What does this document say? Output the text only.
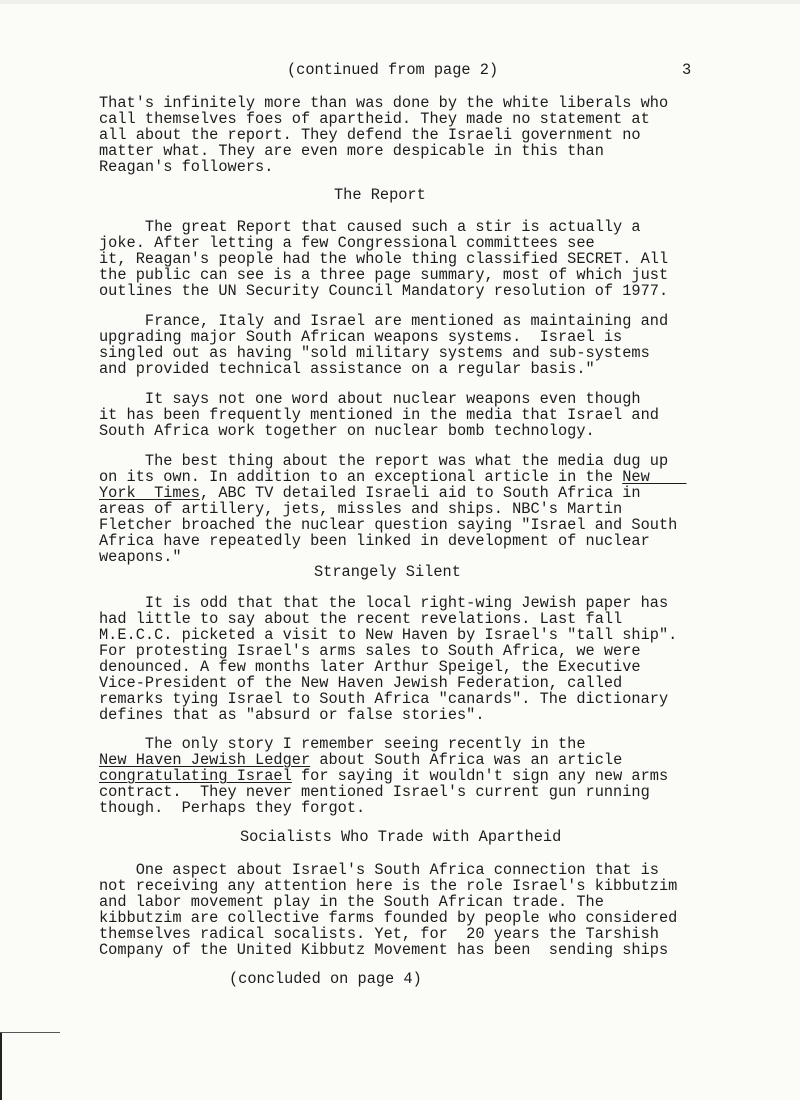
(continued from page 2)	3
That's infinitely more than was done by the white liberals who
call themselves foes of apartheid. They made no statement at
all about the report. They defend the Israeli government no
matter what. They are even more despicable in this than
Reagan's followers.
The Report
The great Report that caused such a stir is actually a
joke. After letting a few Congressional committees see
it, Reagan's people had the whole thing classified SECRET. All
the public can see is a three page summary, most of which just
outlines the UN Security Council Mandatory resolution of 1977.
France, Italy and Israel are mentioned as maintaining and
upgrading major South African weapons systems.  Israel is
singled out as having "sold military systems and sub-systems
and provided technical assistance on a regular basis."
It says not one word about nuclear weapons even though
it has been frequently mentioned in the media that Israel and
South Africa work together on nuclear bomb technology.
The best thing about the report was what the media dug up
on its own. In addition to an exceptional article in the New
York  Times, ABC TV detailed Israeli aid to South Africa in
areas of artillery, jets, missles and ships. NBC's Martin
Fletcher broached the nuclear question saying "Israel and South
Africa have repeatedly been linked in development of nuclear
weapons."
Strangely Silent
It is odd that that the local right-wing Jewish paper has
had little to say about the recent revelations. Last fall
M.E.C.C. picketed a visit to New Haven by Israel's "tall ship".
For protesting Israel's arms sales to South Africa, we were
denounced. A few months later Arthur Speigel, the Executive
Vice-President of the New Haven Jewish Federation, called
remarks tying Israel to South Africa "canards". The dictionary
defines that as "absurd or false stories".
The only story I remember seeing recently in the
New Haven Jewish Ledger about South Africa was an article
congratulating Israel for saying it wouldn't sign any new arms
contract.  They never mentioned Israel's current gun running
though.  Perhaps they forgot.
Socialists Who Trade with Apartheid
One aspect about Israel's South Africa connection that is
not receiving any attention here is the role Israel's kibbutzim
and labor movement play in the South African trade. The
kibbutzim are collective farms founded by people who considered
themselves radical socalists. Yet, for  20 years the Tarshish
Company of the United Kibbutz Movement has been  sending ships
(concluded on page 4)
